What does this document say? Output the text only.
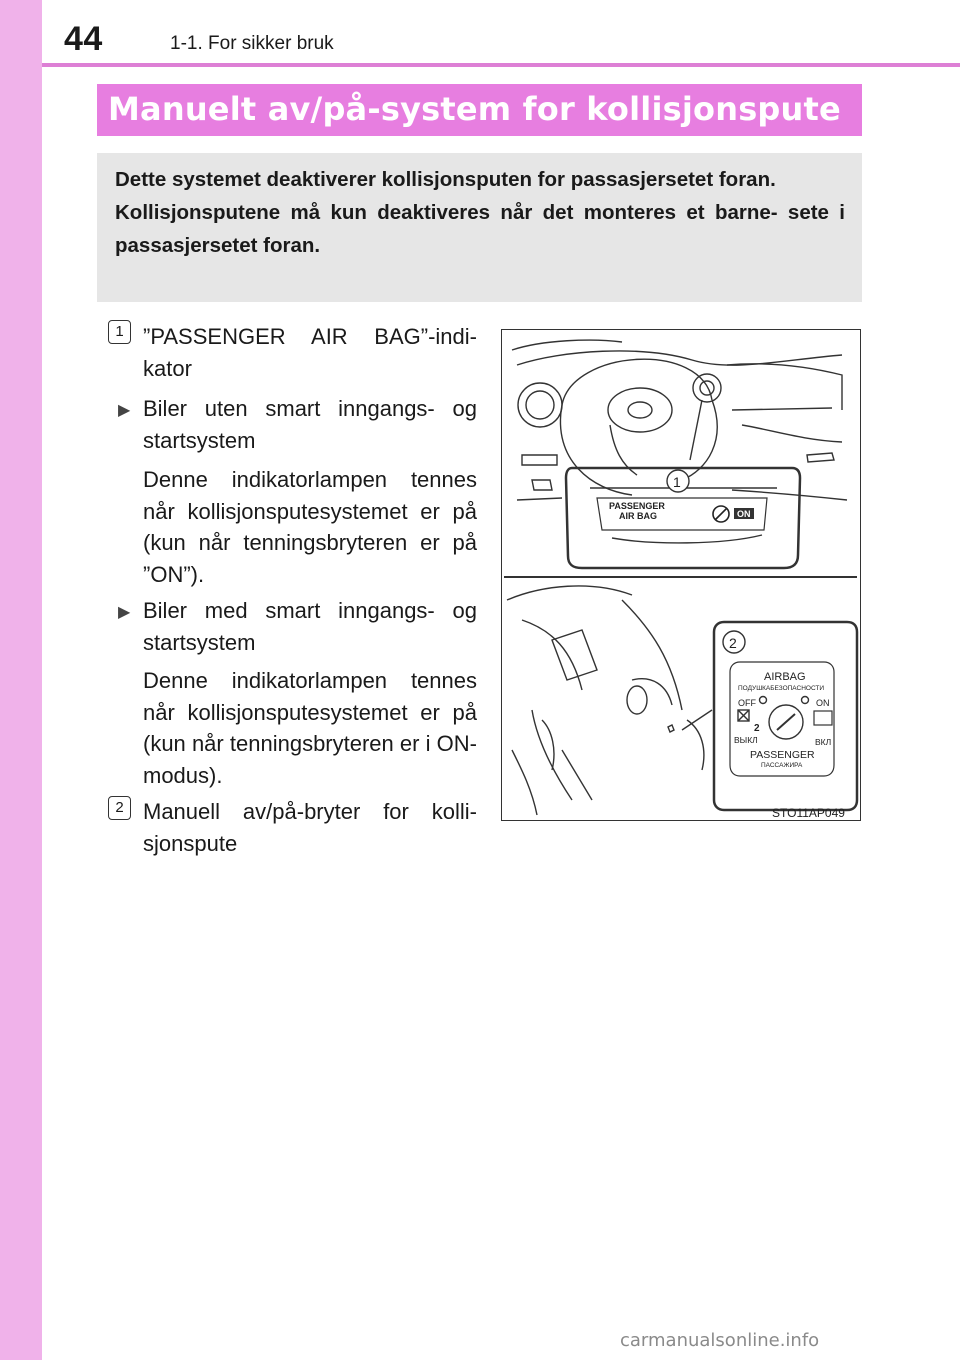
44	1-1. For sikker bruk
Manuelt av/på-system for kollisjonspute

Dette systemet deaktiverer kollisjonsputen for passasjersetet foran.

Kollisjonsputene må kun deaktiveres når det monteres et barne- sete i passasjersetet foran.

1 ”PASSENGER AIR BAG”-indi- kator
▶ Biler uten smart inngangs- og startsystem
Denne indikatorlampen tennes når kollisjonsputesystemet er på (kun når tenningsbryteren er på ”ON”).
▶ Biler med smart inngangs- og startsystem
Denne indikatorlampen tennes når kollisjonsputesystemet er på (kun når tenningsbryteren er i ON-modus).
2 Manuell av/på-bryter for kolli- sjonspute
PASSENGER
AIR BAG	ON
1
2
AIRBAG
ПОДУШКАБЕЗОПАСНОСТИ
OFF	ON
2
ВЫКЛ	ВКЛ
PASSENGER
ПАССАЖИРА
STO11AP049
carmanualsonline.info
